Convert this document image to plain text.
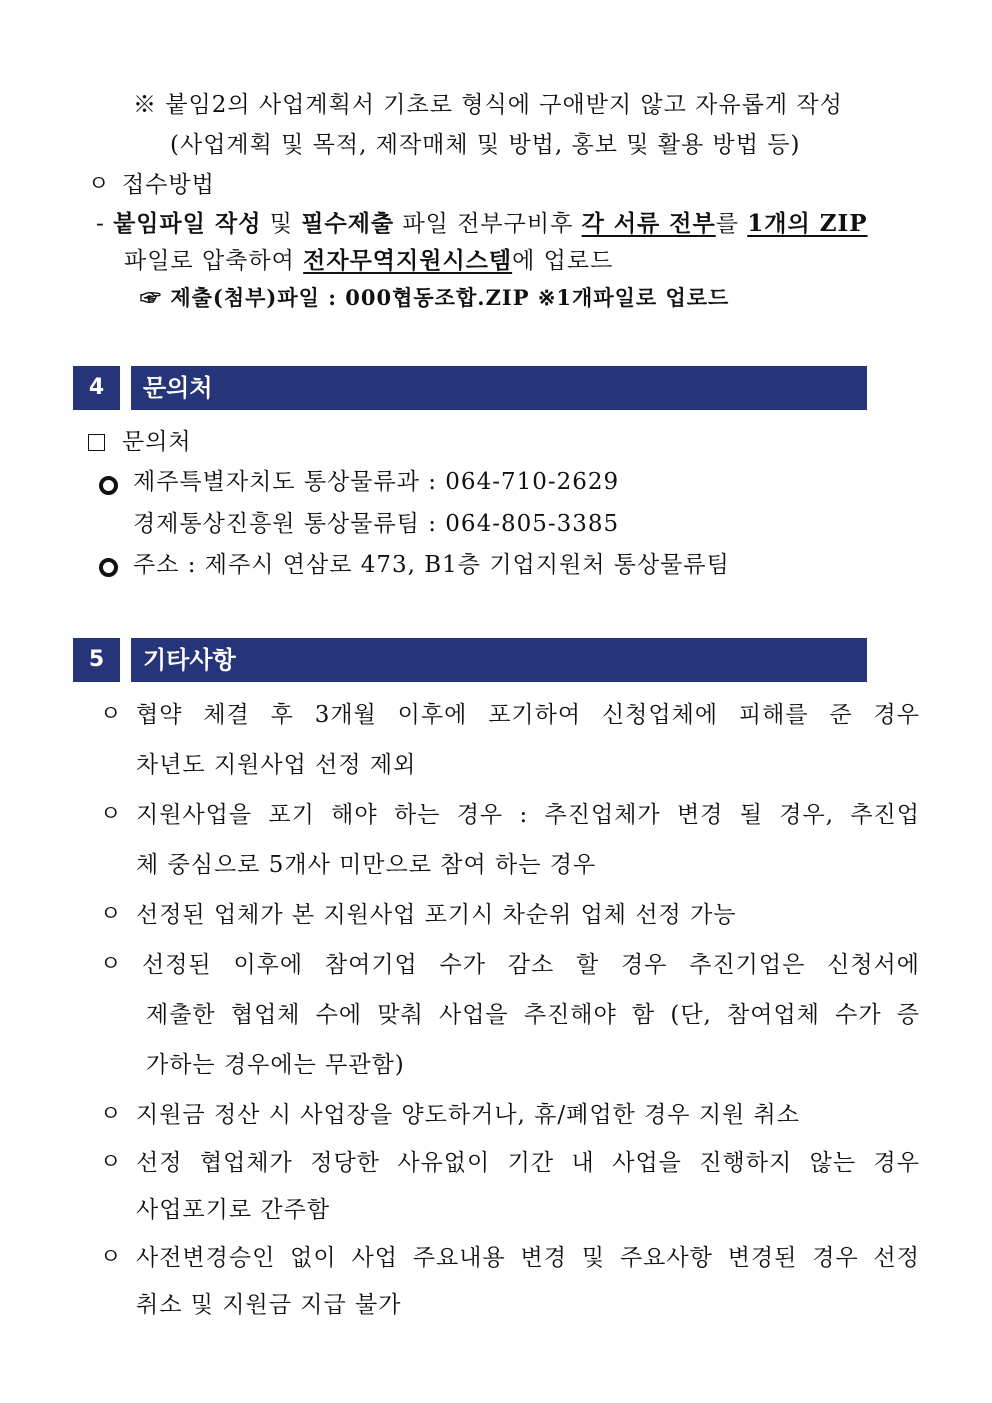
※ 붙임2의 사업계획서 기초로 형식에 구애받지 않고 자유롭게 작성
(사업계획 및 목적, 제작매체 및 방법, 홍보 및 활용 방법 등)
ㅇ 접수방법
- 붙임파일 작성 및 필수제출 파일 전부구비후 각 서류 전부를 1개의 ZIP
파일로 압축하여 전자무역지원시스템에 업로드
☞ 제출(첨부)파일 : 000협동조합.ZIP ※1개파일로 업로드
4	문의처
문의처
제주특별자치도 통상물류과 : 064-710-2629
경제통상진흥원 통상물류팀 : 064-805-3385
주소 : 제주시 연삼로 473, B1층 기업지원처 통상물류팀
5	기타사항
ㅇ 협약 체결 후 3개월 이후에 포기하여 신청업체에 피해를 준 경우
차년도 지원사업 선정 제외
ㅇ 지원사업을 포기 해야 하는 경우 : 추진업체가 변경 될 경우, 추진업
체 중심으로 5개사 미만으로 참여 하는 경우
ㅇ 선정된 업체가 본 지원사업 포기시 차순위 업체 선정 가능
ㅇ 선정된 이후에 참여기업 수가 감소 할 경우 추진기업은 신청서에
제출한 협업체 수에 맞춰 사업을 추진해야 함 (단, 참여업체 수가 증
가하는 경우에는 무관함)
ㅇ 지원금 정산 시 사업장을 양도하거나, 휴/폐업한 경우 지원 취소
ㅇ 선정 협업체가 정당한 사유없이 기간 내 사업을 진행하지 않는 경우
사업포기로 간주함
ㅇ 사전변경승인 없이 사업 주요내용 변경 및 주요사항 변경된 경우 선정
취소 및 지원금 지급 불가
